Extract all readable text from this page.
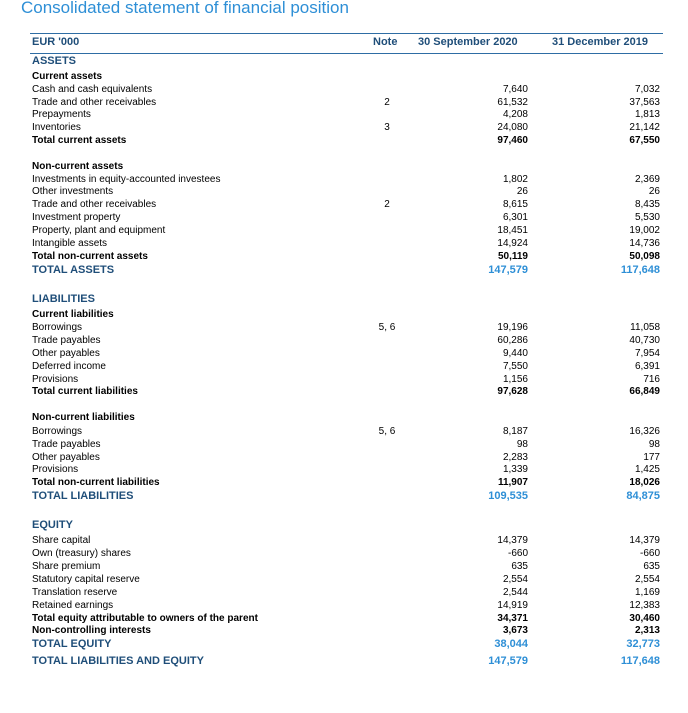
Consolidated statement of financial position
EUR '000	Note 30 September 2020	31 December 2019
ASSETS
Current assets
Cash and cash equivalents	7,640	7,032
Trade and other receivables	2	61,532	37,563
Prepayments	4,208	1,813
Inventories	3	24,080	21,142
Total current assets	97,460	67,550
Non-current assets
Investments in equity-accounted investees	1,802	2,369
Other investments	26	26
Trade and other receivables	2	8,615	8,435
Investment property	6,301	5,530
Property, plant and equipment	18,451	19,002
Intangible assets	14,924	14,736
Total non-current assets	50,119	50,098
TOTAL ASSETS	147,579	117,648
LIABILITIES
Current liabilities
Borrowings	5, 6	19,196	11,058
Trade payables	60,286	40,730
Other payables	9,440	7,954
Deferred income	7,550	6,391
Provisions	1,156	716
Total current liabilities	97,628	66,849
Non-current liabilities
Borrowings	5, 6	8,187	16,326
Trade payables	98	98
Other payables	2,283	177
Provisions	1,339	1,425
Total non-current liabilities	11,907	18,026
TOTAL LIABILITIES	109,535	84,875
EQUITY
Share capital	14,379	14,379
Own (treasury) shares	-660	-660
Share premium	635	635
Statutory capital reserve	2,554	2,554
Translation reserve	2,544	1,169
Retained earnings	14,919	12,383
Total equity attributable to owners of the parent	34,371	30,460
Non-controlling interests	3,673	2,313
TOTAL EQUITY	38,044	32,773
TOTAL LIABILITIES AND EQUITY	147,579	117,648
